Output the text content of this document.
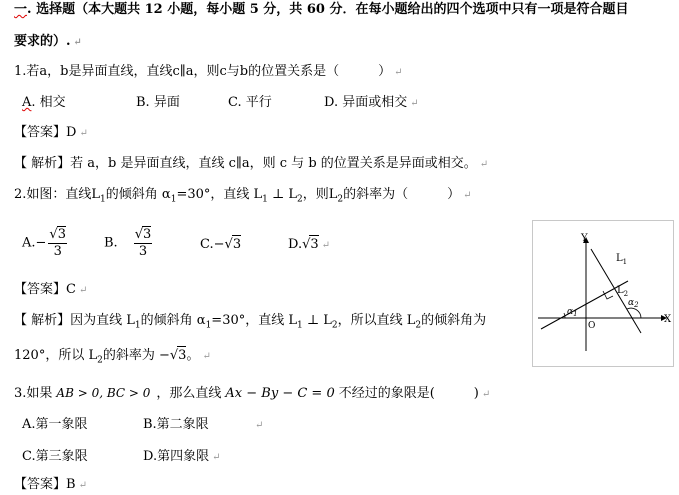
一. 选择题（本大题共 12 小题，每小题 5 分，共 60 分．在每小题给出的四个选项中只有一项是符合题目
要求的）. ↵
1.若a，b是异面直线，直线c∥a，则c与b的位置关系是（　　　） ↵
A. 相交	B. 异面	C. 平行	D. 异面或相交 ↵
【答案】D ↵
【 解析】若 a，b 是异面直线，直线 c∥a，则 c 与 b 的位置关系是异面或相交。 ↵
2.如图：直线$L_1$的倾斜角 $\alpha_1=30^\circ$，直线 $L_1$ ⊥ $L_2$，则$L_2$的斜率为（　　　） ↵
$A.- \frac{√3}{3}$	B. $\frac{√3}{3}$	C.−√3	D.√3 ↵
【答案】C ↵
【 解析】因为直线 $L_1$的倾斜角 $\alpha_1=30^\circ$，直线 $L_1$ ⊥ $L_2$，所以直线 $L_2$的倾斜角为
120°，所以 $L_2$的斜率为 −√3。 ↵
Y
X
$L_1$
$L_2$
$\alpha_1$
$\alpha_2$
O
3.如果 AB > 0, BC > 0 ，那么直线 Ax − By − C = 0 不经过的象限是(　　　) ↵
A.第一象限	B.第二象限	↵
C.第三象限	D.第四象限 ↵
【答案】B ↵
